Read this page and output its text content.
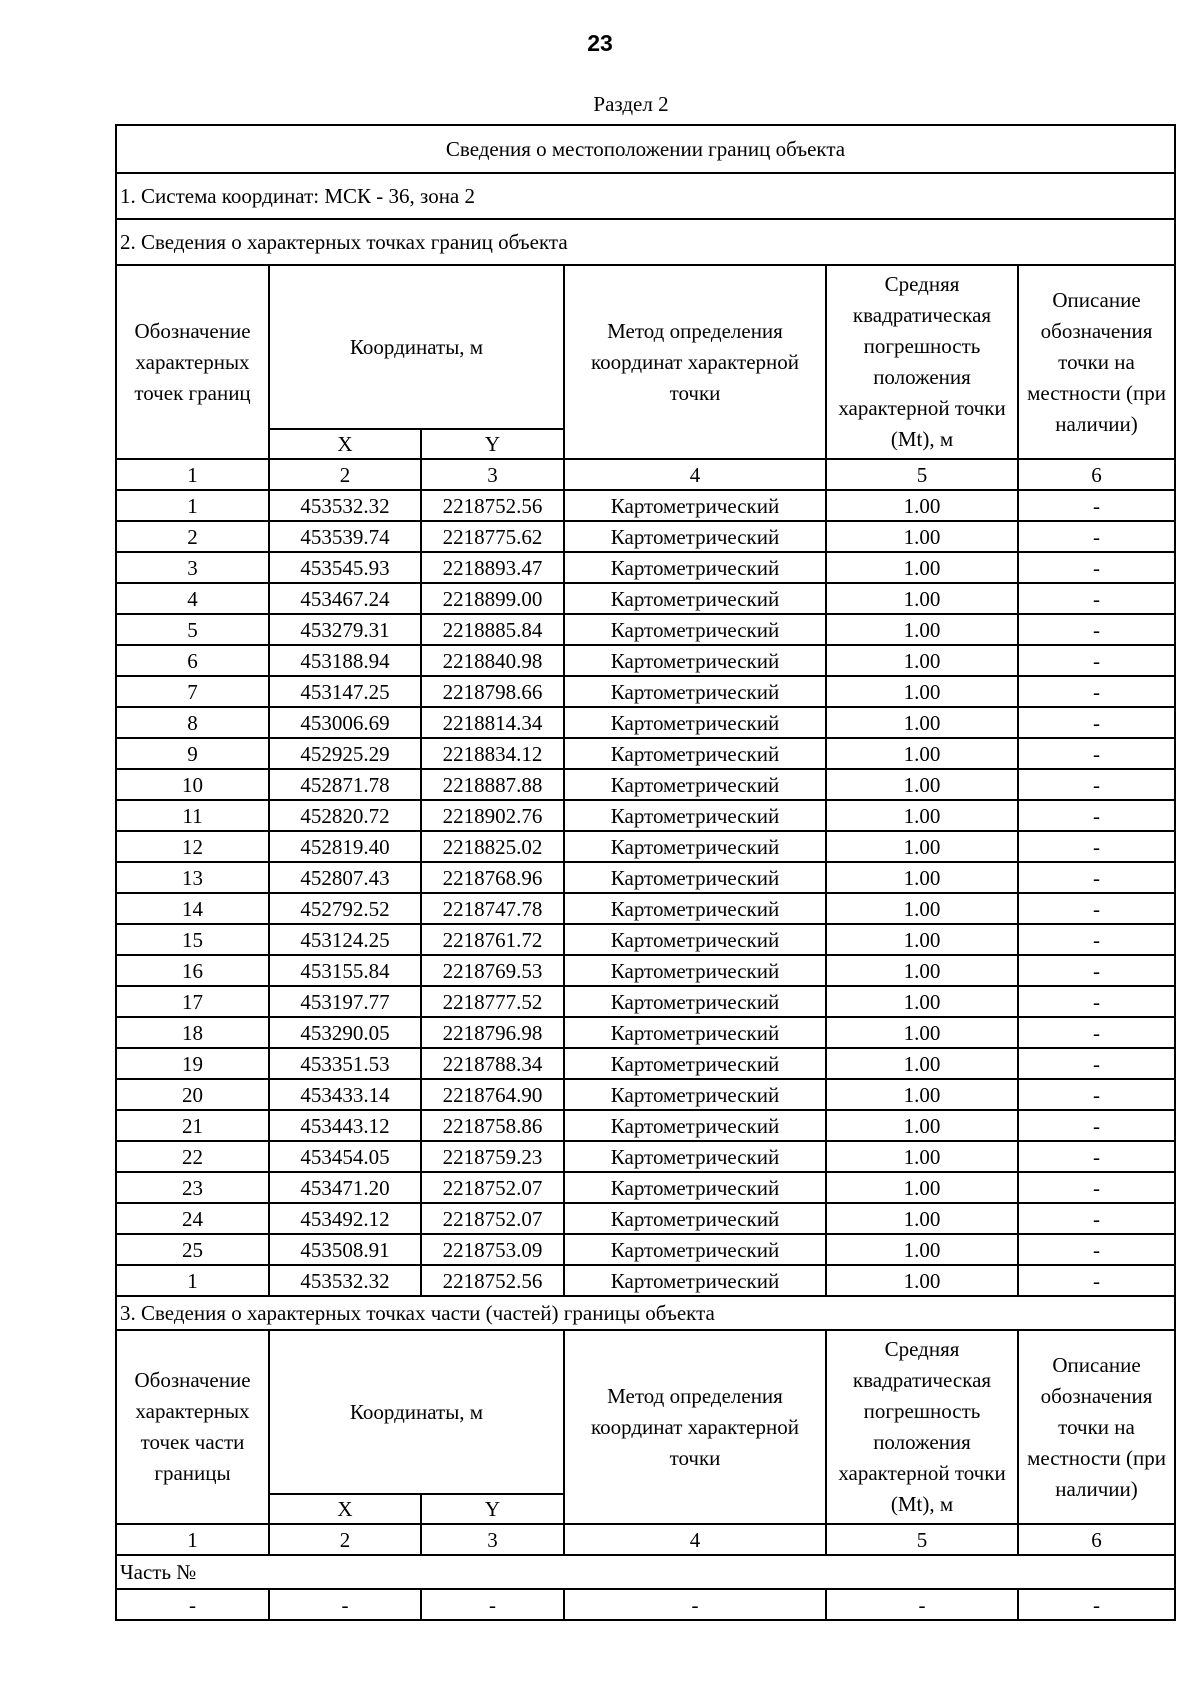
23
Раздел 2
Сведения о местоположении границ объекта					
1. Система координат: МСК - 36, зона 2					
2. Сведения о характерных точках границ объекта					
Обозначение характерных точек границ	Координаты, м		Метод определения координат характерной точки	Средняя квадратическая погрешность положения характерной точки (Mt), м	Описание обозначения точки на местности (при наличии)
	X	Y			
1	2	3	4	5	6
1	453532.32	2218752.56	Картометрический	1.00	-
2	453539.74	2218775.62	Картометрический	1.00	-
3	453545.93	2218893.47	Картометрический	1.00	-
4	453467.24	2218899.00	Картометрический	1.00	-
5	453279.31	2218885.84	Картометрический	1.00	-
6	453188.94	2218840.98	Картометрический	1.00	-
7	453147.25	2218798.66	Картометрический	1.00	-
8	453006.69	2218814.34	Картометрический	1.00	-
9	452925.29	2218834.12	Картометрический	1.00	-
10	452871.78	2218887.88	Картометрический	1.00	-
11	452820.72	2218902.76	Картометрический	1.00	-
12	452819.40	2218825.02	Картометрический	1.00	-
13	452807.43	2218768.96	Картометрический	1.00	-
14	452792.52	2218747.78	Картометрический	1.00	-
15	453124.25	2218761.72	Картометрический	1.00	-
16	453155.84	2218769.53	Картометрический	1.00	-
17	453197.77	2218777.52	Картометрический	1.00	-
18	453290.05	2218796.98	Картометрический	1.00	-
19	453351.53	2218788.34	Картометрический	1.00	-
20	453433.14	2218764.90	Картометрический	1.00	-
21	453443.12	2218758.86	Картометрический	1.00	-
22	453454.05	2218759.23	Картометрический	1.00	-
23	453471.20	2218752.07	Картометрический	1.00	-
24	453492.12	2218752.07	Картометрический	1.00	-
25	453508.91	2218753.09	Картометрический	1.00	-
1	453532.32	2218752.56	Картометрический	1.00	-
3. Сведения о характерных точках части (частей) границы объекта					
Обозначение характерных точек части границы	Координаты, м		Метод определения координат характерной точки	Средняя квадратическая погрешность положения характерной точки (Mt), м	Описание обозначения точки на местности (при наличии)
	X	Y			
1	2	3	4	5	6
Часть №					
-	-	-	-	-	-
